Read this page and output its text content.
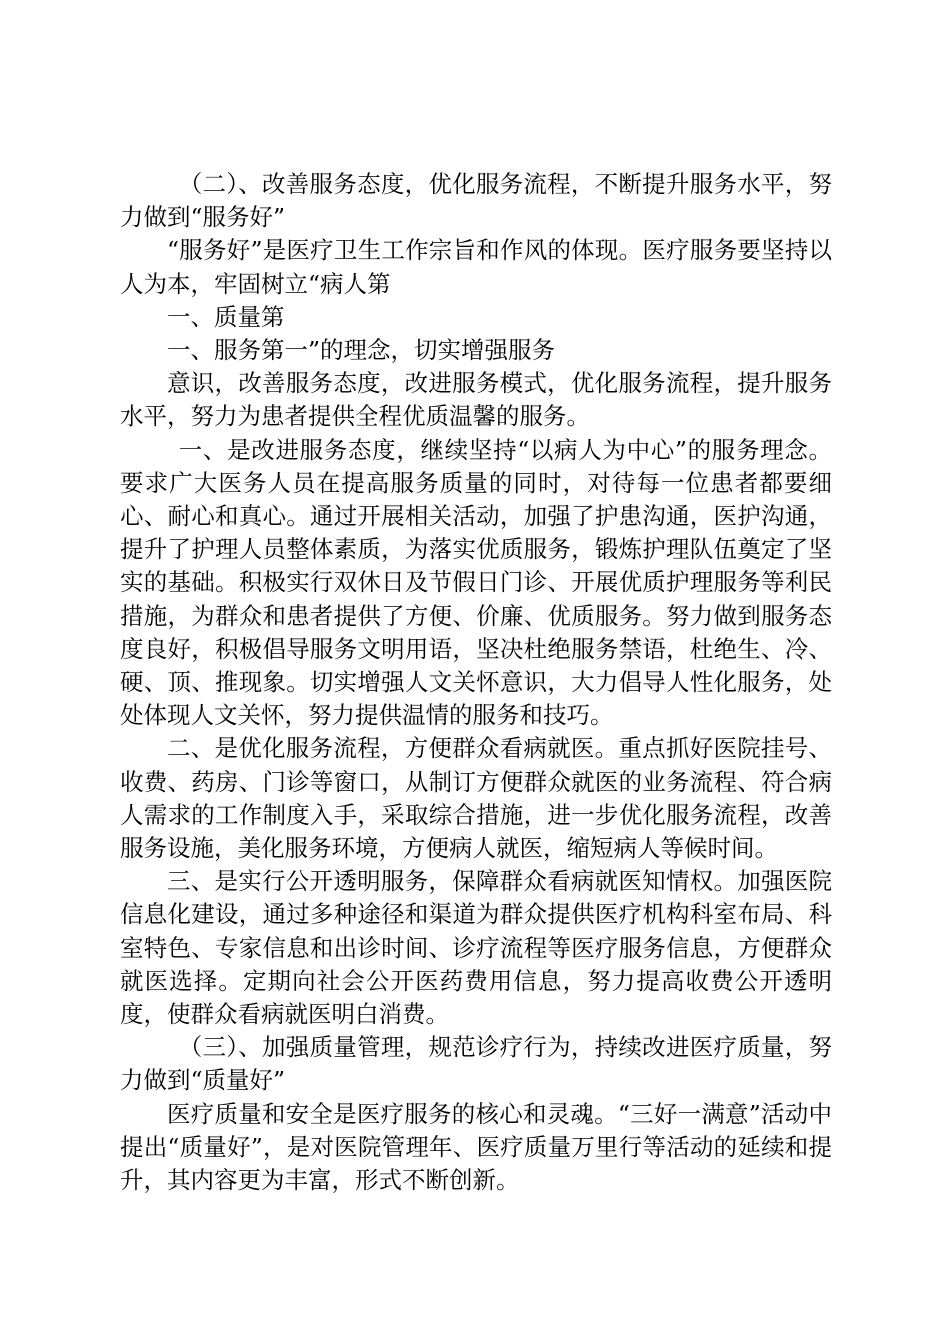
（二）、改善服务态度，优化服务流程，不断提升服务水平，努力做到“服务好”

“服务好”是医疗卫生工作宗旨和作风的体现。医疗服务要坚持以人为本，牢固树立“病人第

一、质量第

一、服务第一”的理念，切实增强服务

意识，改善服务态度，改进服务模式，优化服务流程，提升服务水平，努力为患者提供全程优质温馨的服务。

一、是改进服务态度，继续坚持“以病人为中心”的服务理念。要求广大医务人员在提高服务质量的同时，对待每一位患者都要细心、耐心和真心。通过开展相关活动，加强了护患沟通，医护沟通，提升了护理人员整体素质，为落实优质服务，锻炼护理队伍奠定了坚实的基础。积极实行双休日及节假日门诊、开展优质护理服务等利民措施，为群众和患者提供了方便、价廉、优质服务。努力做到服务态度良好，积极倡导服务文明用语，坚决杜绝服务禁语，杜绝生、冷、硬、顶、推现象。切实增强人文关怀意识，大力倡导人性化服务，处处体现人文关怀，努力提供温情的服务和技巧。

二、是优化服务流程，方便群众看病就医。重点抓好医院挂号、收费、药房、门诊等窗口，从制订方便群众就医的业务流程、符合病人需求的工作制度入手，采取综合措施，进一步优化服务流程，改善服务设施，美化服务环境，方便病人就医，缩短病人等候时间。

三、是实行公开透明服务，保障群众看病就医知情权。加强医院信息化建设，通过多种途径和渠道为群众提供医疗机构科室布局、科室特色、专家信息和出诊时间、诊疗流程等医疗服务信息，方便群众就医选择。定期向社会公开医药费用信息，努力提高收费公开透明度，使群众看病就医明白消费。

（三）、加强质量管理，规范诊疗行为，持续改进医疗质量，努力做到“质量好”

医疗质量和安全是医疗服务的核心和灵魂。“三好一满意”活动中提出“质量好”，是对医院管理年、医疗质量万里行等活动的延续和提升，其内容更为丰富，形式不断创新。
